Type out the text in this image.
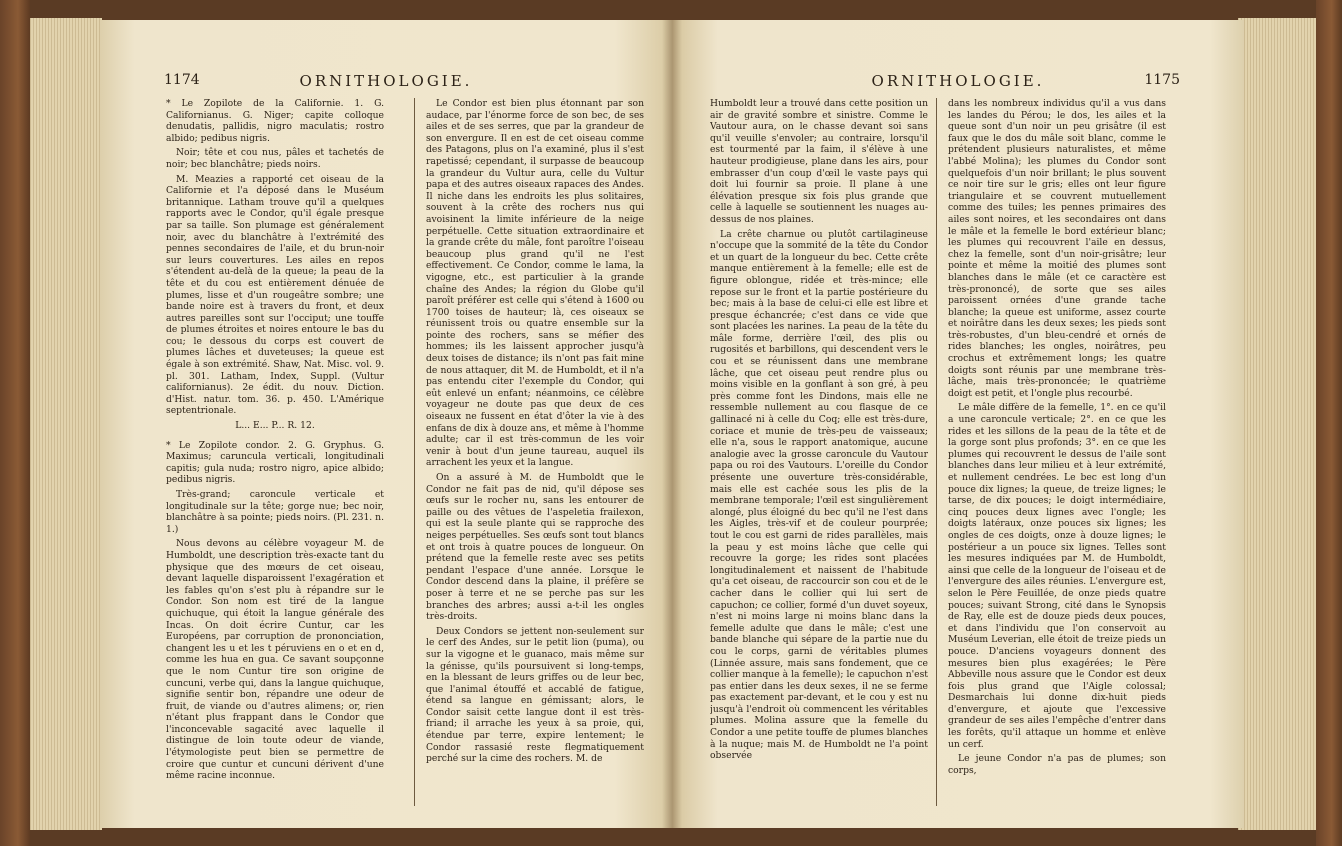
1174	ORNITHOLOGIE.

* Le Zopilote de la Californie. 1. G. Californianus. G. Niger; capite colloque denudatis, pallidis, nigro maculatis; rostro albido; pedibus nigris.

Noir; tête et cou nus, pâles et tachetés de noir; bec blanchâtre; pieds noirs.

M. Meazies a rapporté cet oiseau de la Californie et l'a déposé dans le Muséum britannique. Latham trouve qu'il a quelques rapports avec le Condor, qu'il égale presque par sa taille. Son plumage est généralement noir, avec du blanchâtre à l'extrémité des pennes secondaires de l'aile, et du brun-noir sur leurs couvertures. Les ailes en repos s'étendent au-delà de la queue; la peau de la tête et du cou est entièrement dénuée de plumes, lisse et d'un rougeâtre sombre; une bande noire est à travers du front, et deux autres pareilles sont sur l'occiput; une touffe de plumes étroites et noires entoure le bas du cou; le dessous du corps est couvert de plumes lâches et duveteuses; la queue est égale à son extrémité. Shaw, Nat. Misc. vol. 9. pl. 301. Latham, Index, Suppl. (Vultur californianus). 2e édit. du nouv. Diction. d'Hist. natur. tom. 36. p. 450. L'Amérique septentrionale.

L... E... P... R. 12.

* Le Zopilote condor. 2. G. Gryphus. G. Maximus; caruncula verticali, longitudinali capitis; gula nuda; rostro nigro, apice albido; pedibus nigris.

Très-grand; caroncule verticale et longitudinale sur la tête; gorge nue; bec noir, blanchâtre à sa pointe; pieds noirs. (Pl. 231. n. 1.)

Nous devons au célèbre voyageur M. de Humboldt, une description très-exacte tant du physique que des mœurs de cet oiseau, devant laquelle disparoissent l'exagération et les fables qu'on s'est plu à répandre sur le Condor. Son nom est tiré de la langue quichuque, qui étoit la langue générale des Incas. On doit écrire Cuntur, car les Européens, par corruption de prononciation, changent les u et les t péruviens en o et en d, comme les hua en gua. Ce savant soupçonne que le nom Cuntur tire son origine de cuncuni, verbe qui, dans la langue quichuque, signifie sentir bon, répandre une odeur de fruit, de viande ou d'autres alimens; or, rien n'étant plus frappant dans le Condor que l'inconcevable sagacité avec laquelle il distingue de loin toute odeur de viande, l'étymologiste peut bien se permettre de croire que cuntur et cuncuni dérivent d'une même racine inconnue.

Le Condor est bien plus étonnant par son audace, par l'énorme force de son bec, de ses ailes et de ses serres, que par la grandeur de son envergure. Il en est de cet oiseau comme des Patagons, plus on l'a examiné, plus il s'est rapetissé; cependant, il surpasse de beaucoup la grandeur du Vultur aura, celle du Vultur papa et des autres oiseaux rapaces des Andes. Il niche dans les endroits les plus solitaires, souvent à la crête des rochers nus qui avoisinent la limite inférieure de la neige perpétuelle. Cette situation extraordinaire et la grande crête du mâle, font paroître l'oiseau beaucoup plus grand qu'il ne l'est effectivement. Ce Condor, comme le lama, la vigogne, etc., est particulier à la grande chaîne des Andes; la région du Globe qu'il paroît préférer est celle qui s'étend à 1600 ou 1700 toises de hauteur; là, ces oiseaux se réunissent trois ou quatre ensemble sur la pointe des rochers, sans se méfier des hommes; ils les laissent approcher jusqu'à deux toises de distance; ils n'ont pas fait mine de nous attaquer, dit M. de Humboldt, et il n'a pas entendu citer l'exemple du Condor, qui eût enlevé un enfant; néanmoins, ce célèbre voyageur ne doute pas que deux de ces oiseaux ne fussent en état d'ôter la vie à des enfans de dix à douze ans, et même à l'homme adulte; car il est très-commun de les voir venir à bout d'un jeune taureau, auquel ils arrachent les yeux et la langue.

On a assuré à M. de Humboldt que le Condor ne fait pas de nid, qu'il dépose ses œufs sur le rocher nu, sans les entourer de paille ou des vêtues de l'aspeletia frailexon, qui est la seule plante qui se rapproche des neiges perpétuelles. Ses œufs sont tout blancs et ont trois à quatre pouces de longueur. On prétend que la femelle reste avec ses petits pendant l'espace d'une année. Lorsque le Condor descend dans la plaine, il préfère se poser à terre et ne se perche pas sur les branches des arbres; aussi a-t-il les ongles très-droits.

Deux Condors se jettent non-seulement sur le cerf des Andes, sur le petit lion (puma), ou sur la vigogne et le guanaco, mais même sur la génisse, qu'ils poursuivent si long-temps, en la blessant de leurs griffes ou de leur bec, que l'animal étouffé et accablé de fatigue, étend sa langue en gémissant; alors, le Condor saisit cette langue dont il est très-friand; il arrache les yeux à sa proie, qui, étendue par terre, expire lentement; le Condor rassasié reste flegmatiquement perché sur la cime des rochers. M. de

ORNITHOLOGIE.	1175

Humboldt leur a trouvé dans cette position un air de gravité sombre et sinistre. Comme le Vautour aura, on le chasse devant soi sans qu'il veuille s'envoler; au contraire, lorsqu'il est tourmenté par la faim, il s'élève à une hauteur prodigieuse, plane dans les airs, pour embrasser d'un coup d'œil le vaste pays qui doit lui fournir sa proie. Il plane à une élévation presque six fois plus grande que celle à laquelle se soutiennent les nuages au-dessus de nos plaines.

La crête charnue ou plutôt cartilagineuse n'occupe que la sommité de la tête du Condor et un quart de la longueur du bec. Cette crête manque entièrement à la femelle; elle est de figure oblongue, ridée et très-mince; elle repose sur le front et la partie postérieure du bec; mais à la base de celui-ci elle est libre et presque échancrée; c'est dans ce vide que sont placées les narines. La peau de la tête du mâle forme, derrière l'œil, des plis ou rugosités et barbillons, qui descendent vers le cou et se réunissent dans une membrane lâche, que cet oiseau peut rendre plus ou moins visible en la gonflant à son gré, à peu près comme font les Dindons, mais elle ne ressemble nullement au cou flasque de ce gallinacé ni à celle du Coq; elle est très-dure, coriace et munie de très-peu de vaisseaux; elle n'a, sous le rapport anatomique, aucune analogie avec la grosse caroncule du Vautour papa ou roi des Vautours. L'oreille du Condor présente une ouverture très-considérable, mais elle est cachée sous les plis de la membrane temporale; l'œil est singulièrement alongé, plus éloigné du bec qu'il ne l'est dans les Aigles, très-vif et de couleur pourprée; tout le cou est garni de rides parallèles, mais la peau y est moins lâche que celle qui recouvre la gorge; les rides sont placées longitudinalement et naissent de l'habitude qu'a cet oiseau, de raccourcir son cou et de le cacher dans le collier qui lui sert de capuchon; ce collier, formé d'un duvet soyeux, n'est ni moins large ni moins blanc dans la femelle adulte que dans le mâle; c'est une bande blanche qui sépare de la partie nue du cou le corps, garni de véritables plumes (Linnée assure, mais sans fondement, que ce collier manque à la femelle); le capuchon n'est pas entier dans les deux sexes, il ne se ferme pas exactement par-devant, et le cou y est nu jusqu'à l'endroit où commencent les véritables plumes. Molina assure que la femelle du Condor a une petite touffe de plumes blanches à la nuque; mais M. de Humboldt ne l'a point observée

dans les nombreux individus qu'il a vus dans les landes du Pérou; le dos, les ailes et la queue sont d'un noir un peu grisâtre (il est faux que le dos du mâle soit blanc, comme le prétendent plusieurs naturalistes, et même l'abbé Molina); les plumes du Condor sont quelquefois d'un noir brillant; le plus souvent ce noir tire sur le gris; elles ont leur figure triangulaire et se couvrent mutuellement comme des tuiles; les pennes primaires des ailes sont noires, et les secondaires ont dans le mâle et la femelle le bord extérieur blanc; les plumes qui recouvrent l'aile en dessus, chez la femelle, sont d'un noir-grisâtre; leur pointe et même la moitié des plumes sont blanches dans le mâle (et ce caractère est très-prononcé), de sorte que ses ailes paroissent ornées d'une grande tache blanche; la queue est uniforme, assez courte et noirâtre dans les deux sexes; les pieds sont très-robustes, d'un bleu-cendré et ornés de rides blanches; les ongles, noirâtres, peu crochus et extrêmement longs; les quatre doigts sont réunis par une membrane très-lâche, mais très-prononcée; le quatrième doigt est petit, et l'ongle plus recourbé.

Le mâle diffère de la femelle, 1°. en ce qu'il a une caroncule verticale; 2°. en ce que les rides et les sillons de la peau de la tête et de la gorge sont plus profonds; 3°. en ce que les plumes qui recouvrent le dessus de l'aile sont blanches dans leur milieu et à leur extrémité, et nullement cendrées. Le bec est long d'un pouce dix lignes; la queue, de treize lignes; le tarse, de dix pouces; le doigt intermédiaire, cinq pouces deux lignes avec l'ongle; les doigts latéraux, onze pouces six lignes; les ongles de ces doigts, onze à douze lignes; le postérieur a un pouce six lignes. Telles sont les mesures indiquées par M. de Humboldt, ainsi que celle de la longueur de l'oiseau et de l'envergure des ailes réunies. L'envergure est, selon le Père Feuillée, de onze pieds quatre pouces; suivant Strong, cité dans le Synopsis de Ray, elle est de douze pieds deux pouces, et dans l'individu que l'on conservoit au Muséum Leverian, elle étoit de treize pieds un pouce. D'anciens voyageurs donnent des mesures bien plus exagérées; le Père Abbeville nous assure que le Condor est deux fois plus grand que l'Aigle colossal; Desmarchais lui donne dix-huit pieds d'envergure, et ajoute que l'excessive grandeur de ses ailes l'empêche d'entrer dans les forêts, qu'il attaque un homme et enlève un cerf.

Le jeune Condor n'a pas de plumes; son corps,
